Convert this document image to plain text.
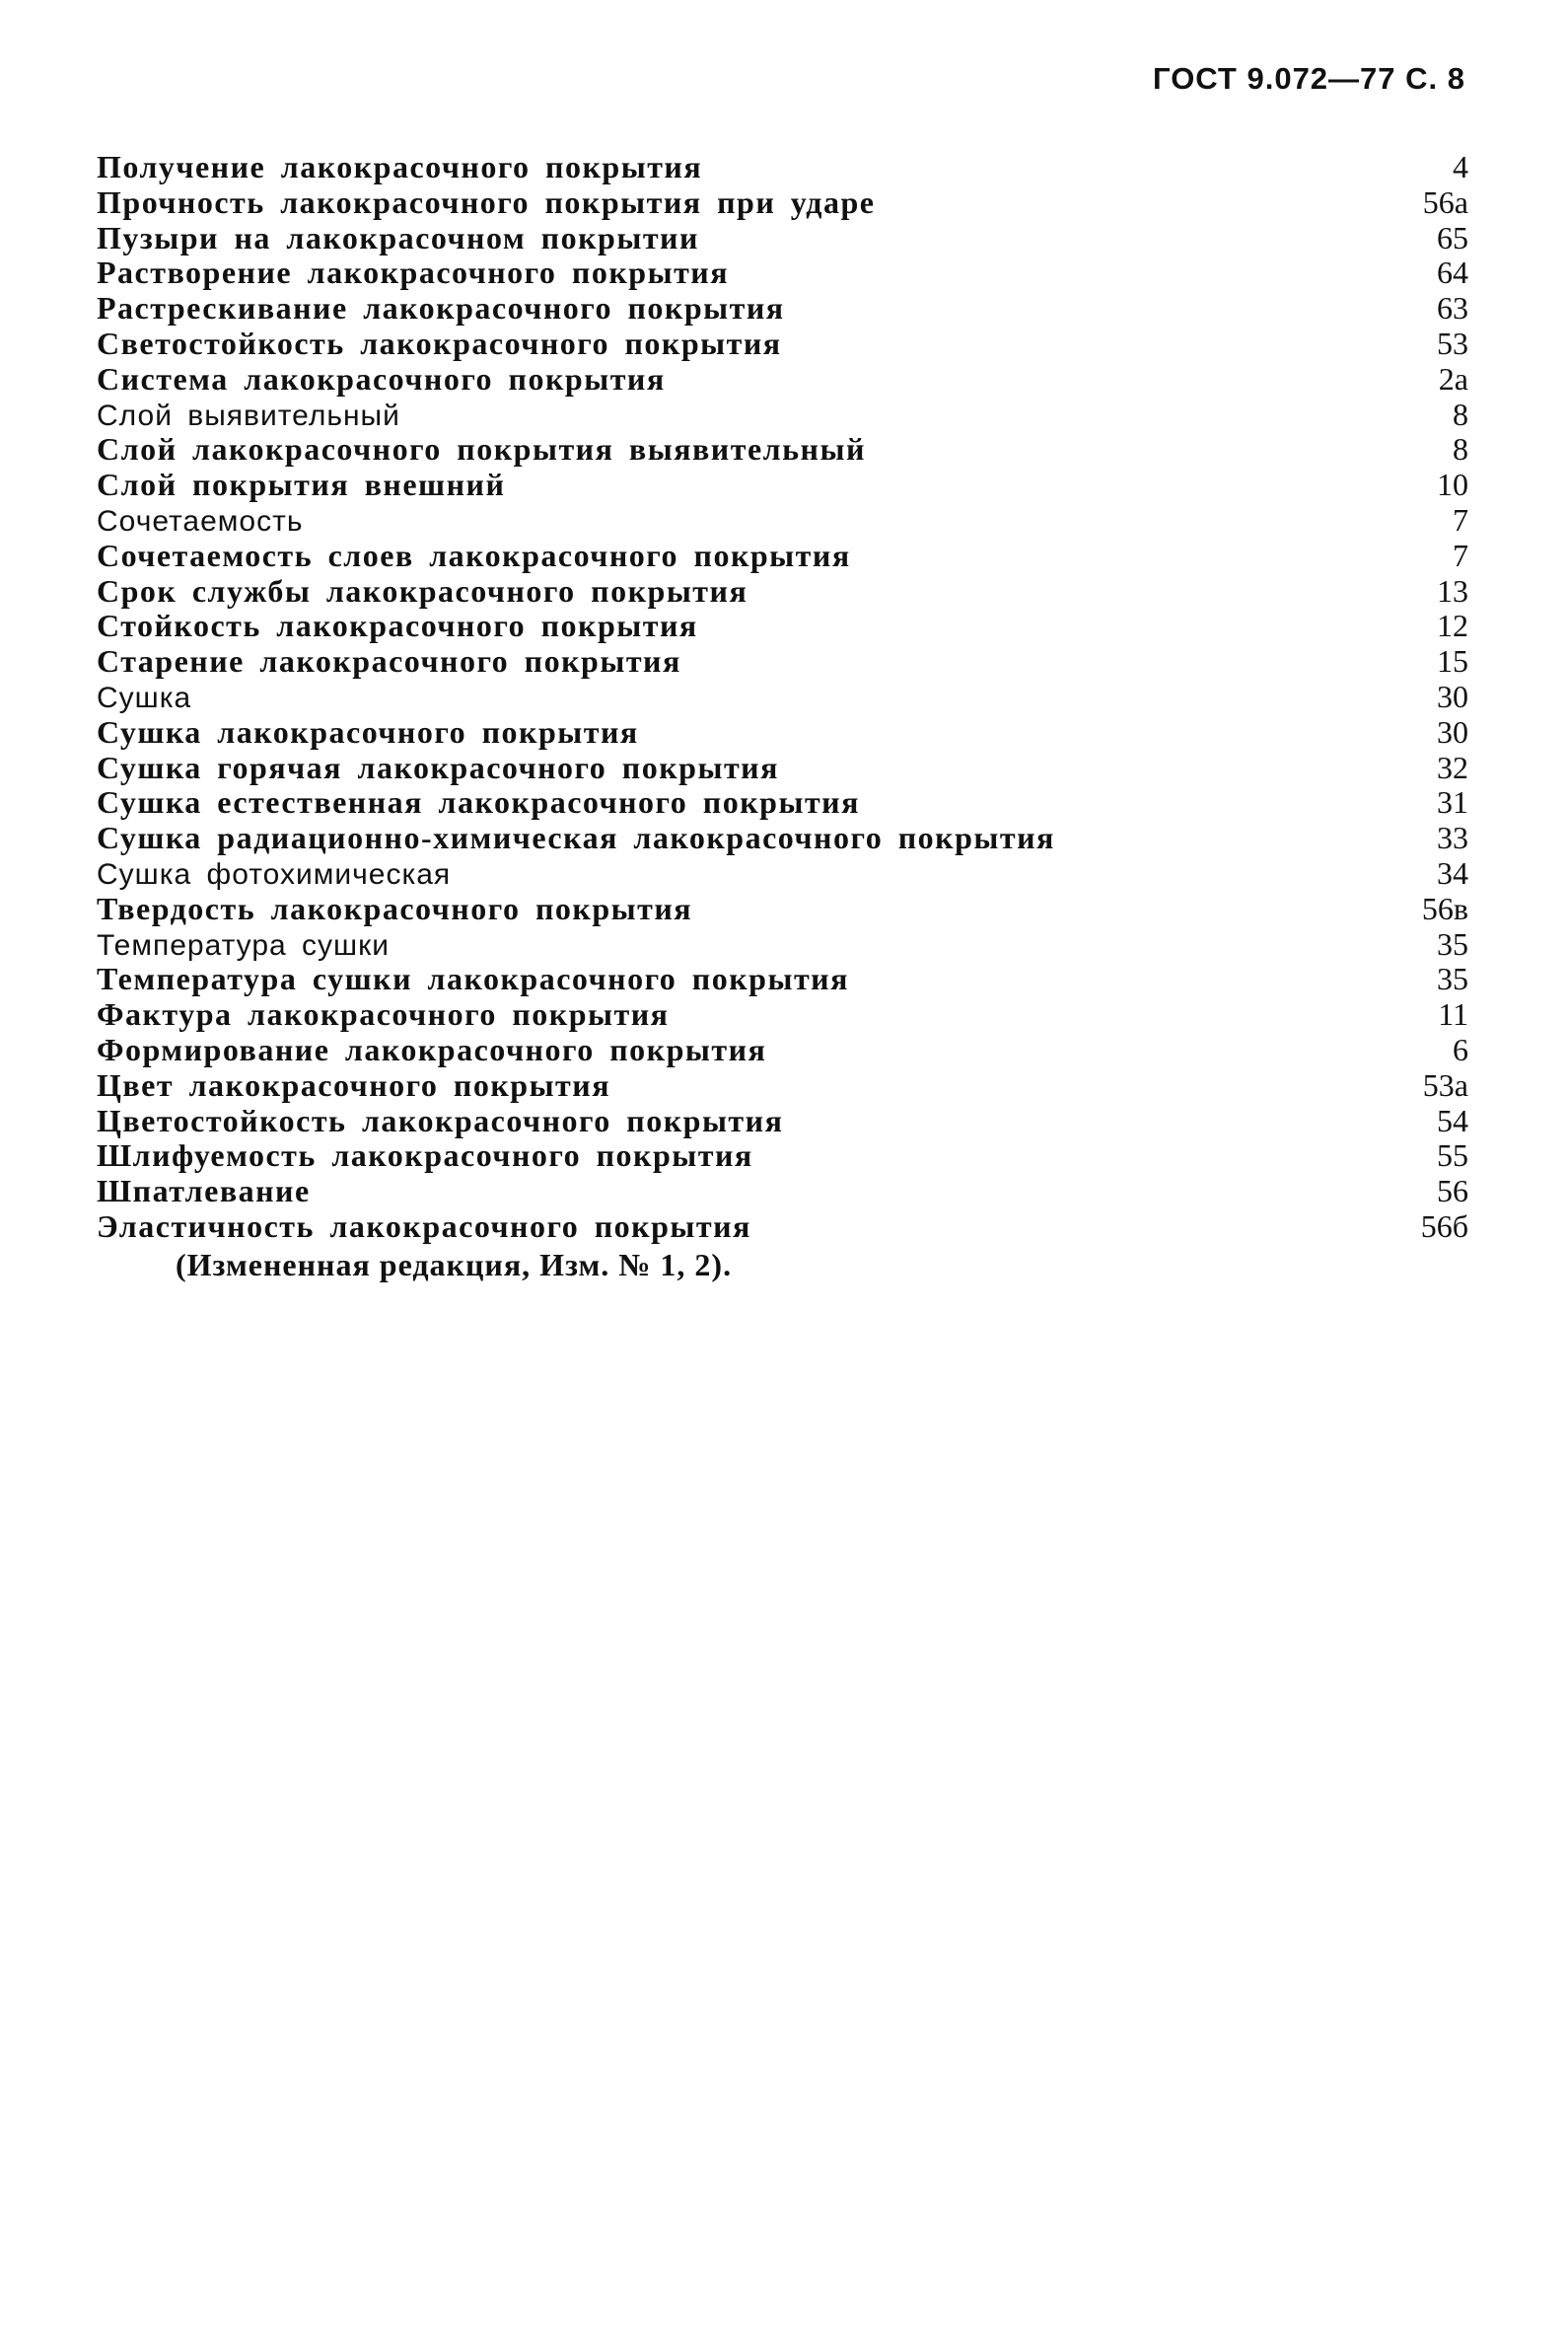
ГОСТ 9.072—77 С. 8
Получение лакокрасочного покрытия	4
Прочность лакокрасочного покрытия при ударе	56а
Пузыри на лакокрасочном покрытии	65
Растворение лакокрасочного покрытия	64
Растрескивание лакокрасочного покрытия	63
Светостойкость лакокрасочного покрытия	53
Система лакокрасочного покрытия	2а
Слой выявительный	8
Слой лакокрасочного покрытия выявительный	8
Слой покрытия внешний	10
Сочетаемость	7
Сочетаемость слоев лакокрасочного покрытия	7
Срок службы лакокрасочного покрытия	13
Стойкость лакокрасочного покрытия	12
Старение лакокрасочного покрытия	15
Сушка	30
Сушка лакокрасочного покрытия	30
Сушка горячая лакокрасочного покрытия	32
Сушка естественная лакокрасочного покрытия	31
Сушка радиационно-химическая лакокрасочного покрытия	33
Сушка фотохимическая	34
Твердость лакокрасочного покрытия	56в
Температура сушки	35
Температура сушки лакокрасочного покрытия	35
Фактура лакокрасочного покрытия	11
Формирование лакокрасочного покрытия	6
Цвет лакокрасочного покрытия	53а
Цветостойкость лакокрасочного покрытия	54
Шлифуемость лакокрасочного покрытия	55
Шпатлевание	56
Эластичность лакокрасочного покрытия	56б
(Измененная редакция, Изм. № 1, 2).
